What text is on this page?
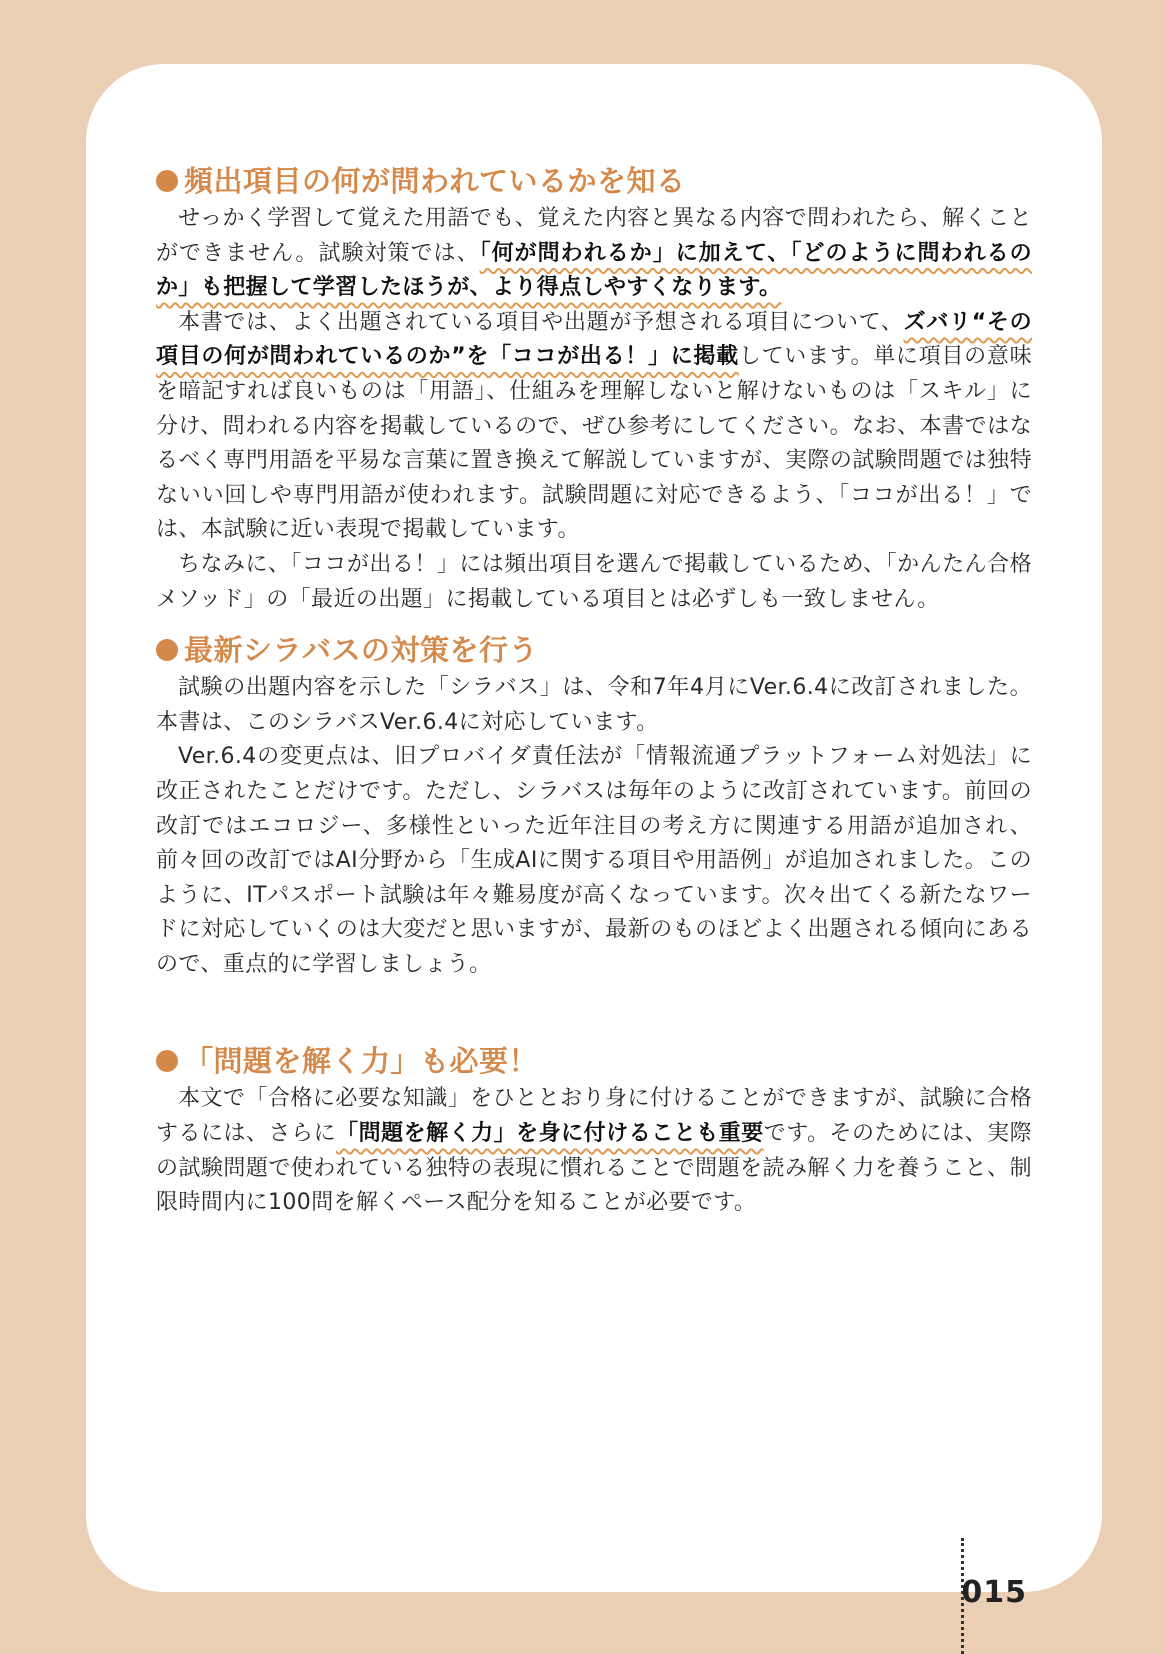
頻出項目の何が問われているかを知る

せっかく学習して覚えた用語でも、覚えた内容と異なる内容で問われたら、解くことができません。試験対策では、「何が問われるか」に加えて、「どのように問われるのか」も把握して学習したほうが、より得点しやすくなります。

本書では、よく出題されている項目や出題が予想される項目について、ズバリ“その項目の何が問われているのか”を「ココが出る！」に掲載しています。単に項目の意味を暗記すれば良いものは「用語」、仕組みを理解しないと解けないものは「スキル」に分け、問われる内容を掲載しているので、ぜひ参考にしてください。なお、本書ではなるべく専門用語を平易な言葉に置き換えて解説していますが、実際の試験問題では独特ないい回しや専門用語が使われます。試験問題に対応できるよう、「ココが出る！」では、本試験に近い表現で掲載しています。

ちなみに、「ココが出る！」には頻出項目を選んで掲載しているため、「かんたん合格メソッド」の「最近の出題」に掲載している項目とは必ずしも一致しません。

最新シラバスの対策を行う

試験の出題内容を示した「シラバス」は、令和7年4月にVer.6.4に改訂されました。本書は、このシラバスVer.6.4に対応しています。

Ver.6.4の変更点は、旧プロバイダ責任法が「情報流通プラットフォーム対処法」に改正されたことだけです。ただし、シラバスは毎年のように改訂されています。前回の改訂ではエコロジー、多様性といった近年注目の考え方に関連する用語が追加され、前々回の改訂ではAI分野から「生成AIに関する項目や用語例」が追加されました。このように、ITパスポート試験は年々難易度が高くなっています。次々出てくる新たなワードに対応していくのは大変だと思いますが、最新のものほどよく出題される傾向にあるので、重点的に学習しましょう。

「問題を解く力」も必要！

本文で「合格に必要な知識」をひととおり身に付けることができますが、試験に合格するには、さらに「問題を解く力」を身に付けることも重要です。そのためには、実際の試験問題で使われている独特の表現に慣れることで問題を読み解く力を養うこと、制限時間内に100問を解くペース配分を知ることが必要です。

015
